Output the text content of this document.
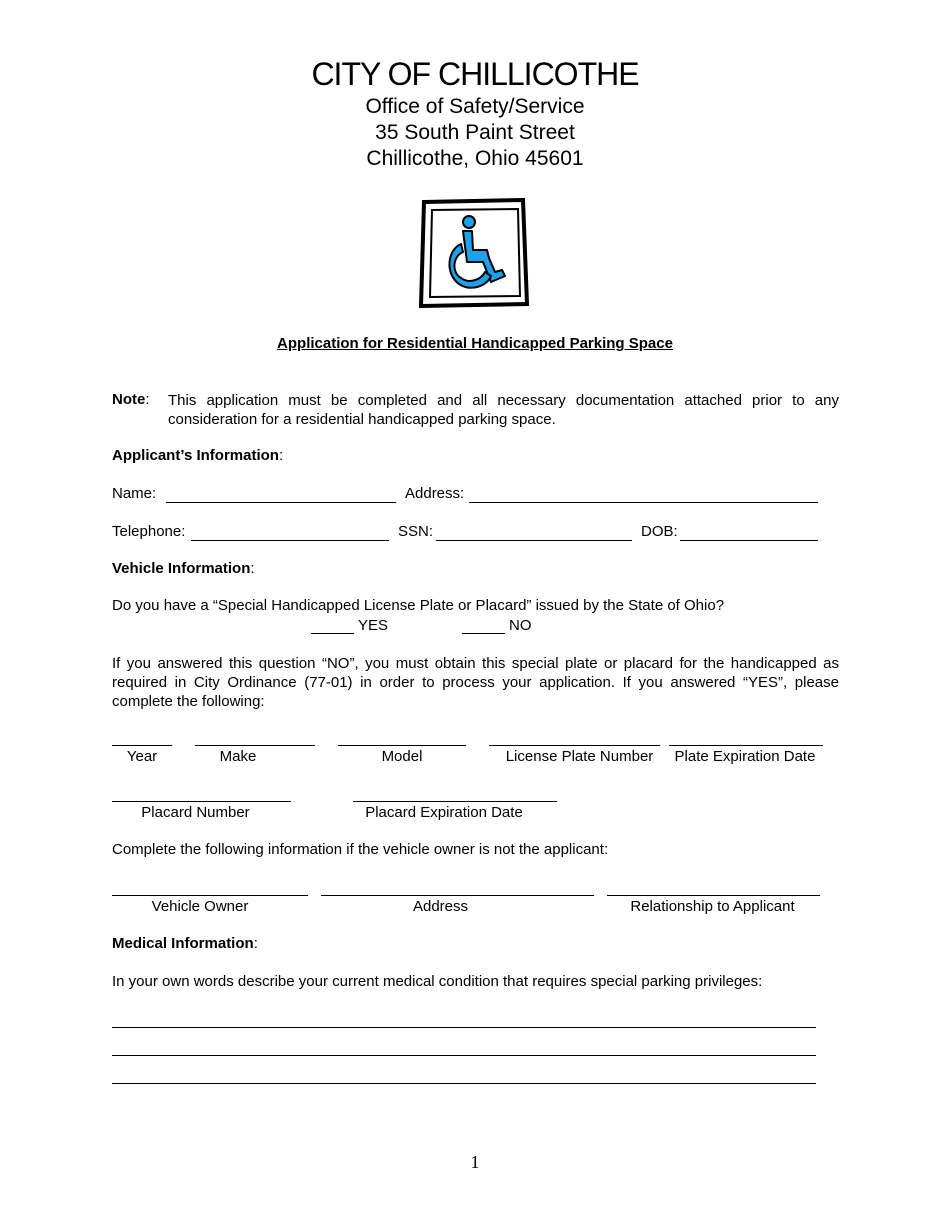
CITY OF CHILLICOTHE
Office of Safety/Service
35 South Paint Street
Chillicothe, Ohio 45601
Application for Residential Handicapped Parking Space
Note: This application must be completed and all necessary documentation attached prior to any consideration for a residential handicapped parking space.
Applicant’s Information:
Name:	Address:
Telephone:	SSN:	DOB:
Vehicle Information:
Do you have a “Special Handicapped License Plate or Placard” issued by the State of Ohio?
YES	NO
If you answered this question “NO”, you must obtain this special plate or placard for the handicapped as required in City Ordinance (77-01) in order to process your application. If you answered “YES”, please complete the following:
Year	Make	Model	License Plate Number	Plate Expiration Date
Placard Number	Placard Expiration Date
Complete the following information if the vehicle owner is not the applicant:
Vehicle Owner	Address	Relationship to Applicant
Medical Information:
In your own words describe your current medical condition that requires special parking privileges:
1
